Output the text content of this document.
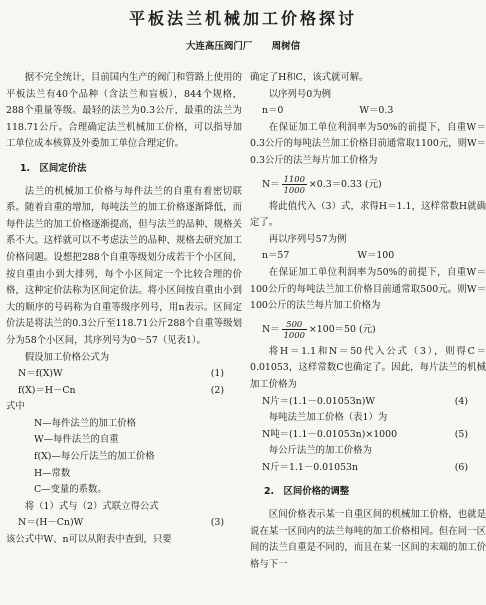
平板法兰机械加工价格探讨
大连高压阀门厂 周树信

据不完全统计，目前国内生产的阀门和管路上使用的平板法兰有40个品种（含法兰和盲板），844个规格，288个重量等级。最轻的法兰为0.3公斤，最重的法兰为118.71公斤。合理确定法兰机械加工价格，可以指导加工单位成本核算及外委加工单位合理定价。

1.　区间定价法

法兰的机械加工价格与每件法兰的自重有着密切联系。随着自重的增加，每吨法兰的加工价格逐渐降低，而每件法兰的加工价格逐渐提高，但与法兰的品种、规格关系不大。这样就可以不考虑法兰的品种、规格去研究加工价格问题。设想把288个自重等级划分成若干个小区间，按自重由小到大排列，每个小区间定一个比较合理的价格，这种定价法称为区间定价法。将小区间按自重由小到大的顺序的号码称为自重等级序列号，用n表示。区间定价法是将法兰的0.3公斤至118.71公斤288个自重等级划分为58个小区间，其序列号为0～57（见表1）。

假设加工价格公式为

N＝f(X)W	(1)
f(X)＝H－Cn	(2)
式中
N—每件法兰的加工价格
W—每件法兰的自重
f(X)—每公斤法兰的加工价格
H—常数
C—变量的系数。

将（1）式与（2）式联立得公式

N＝(H－Cn)W	(3)

该公式中W、n可以从附表中查到，只要

确定了H和C，该式就可解。

以序列号0为例

n＝0	W＝0.3

在保证加工单位利润率为50%的前提下，自重W＝0.3公斤的每吨法兰加工价格目前通常取1100元，则W＝0.3公斤的法兰每片加工价格为

$N= \frac{1100}{1000} \times 0.3=0.33$ (元)

将此值代入（3）式，求得H＝1.1，这样常数H就确定了。

再以序列号57为例

n＝57	W＝100

在保证加工单位利润率为50%的前提下，自重W＝100公斤的每吨法兰加工价格目前通常取500元。则W＝100公斤的法兰每片加工价格为

$N= \frac{500}{1000} \times 100=50$ (元)

将H＝1.1和N＝50代入公式（3），则得C＝0.01053，这样常数C也确定了。因此，每片法兰的机械加工价格为

N片＝(1.1－0.01053n)W	(4)

每吨法兰加工价格（表1）为

N吨＝(1.1－0.01053n)×1000	(5)

每公斤法兰的加工价格为

N斤＝1.1－0.01053n	(6)
2.　区间价格的调整

区间价格表示某一自重区间的机械加工价格，也就是说在某一区间内的法兰每吨的加工价格相同。但在同一区间的法兰自重是不同的，而且在某一区间的末端的加工价格与下一
